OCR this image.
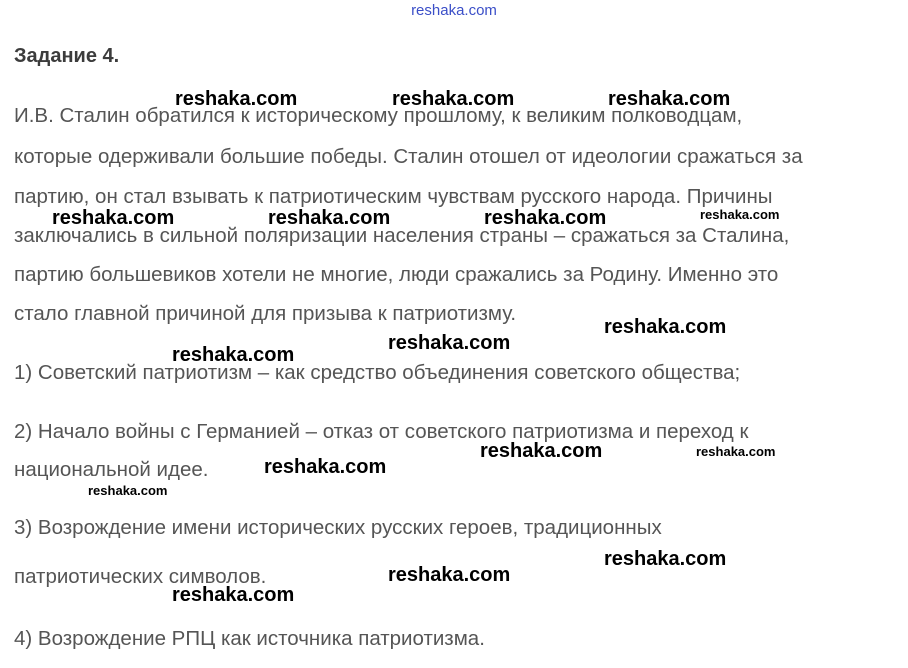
reshaka.com
Задание 4.

И.В. Сталин обратился к историческому прошлому, к великим полководцам,

которые одерживали большие победы. Сталин отошел от идеологии сражаться за

партию, он стал взывать к патриотическим чувствам русского народа. Причины

заключались в сильной поляризации населения страны – сражаться за Сталина,

партию большевиков хотели не многие, люди сражались за Родину. Именно это

стало главной причиной для призыва к патриотизму.

1) Советский патриотизм – как средство объединения советского общества;

2) Начало войны с Германией – отказ от советского патриотизма и переход к

национальной идее.

3) Возрождение имени исторических русских героев, традиционных

патриотических символов.

4) Возрождение РПЦ как источника патриотизма.

reshaka.com	reshaka.com	reshaka.com
reshaka.com	reshaka.com	reshaka.com	reshaka.com
reshaka.com
reshaka.com
reshaka.com
reshaka.com	reshaka.com
reshaka.com
reshaka.com
reshaka.com
reshaka.com
reshaka.com
